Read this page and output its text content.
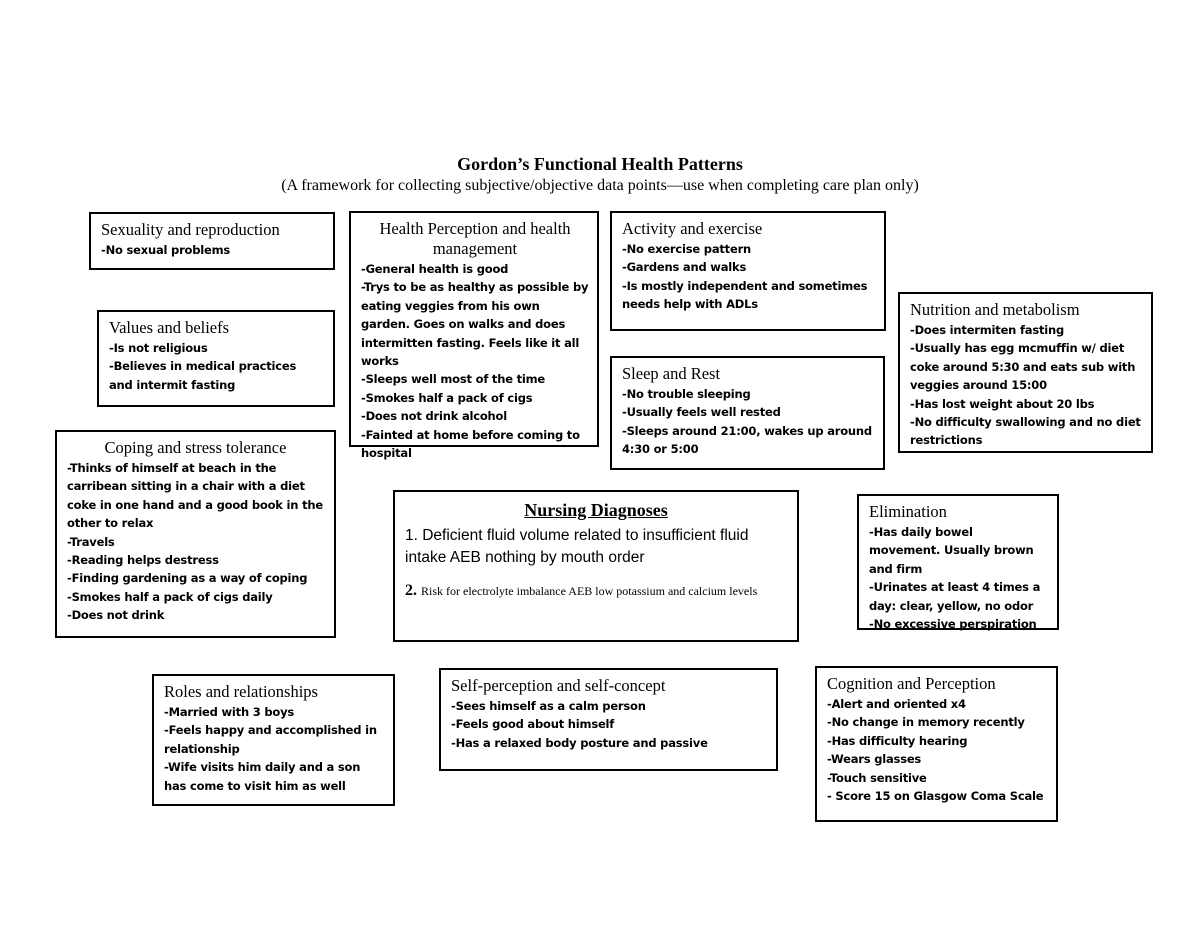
Gordon’s Functional Health Patterns
(A framework for collecting subjective/objective data points—use when completing care plan only)
Sexuality and reproduction
-No sexual problems
Health Perception and health management
-General health is good
-Trys to be as healthy as possible by eating veggies from his own garden. Goes on walks and does intermitten fasting. Feels like it all works
-Sleeps well most of the time
-Smokes half a pack of cigs
-Does not drink alcohol
-Fainted at home before coming to hospital
Activity and exercise
-No exercise pattern
-Gardens and walks
-Is mostly independent and sometimes needs help with ADLs
Values and beliefs
-Is not religious
-Believes in medical practices and intermit fasting
Nutrition and metabolism
-Does intermiten fasting
-Usually has egg mcmuffin w/ diet coke around 5:30 and eats sub with veggies around 15:00
-Has lost weight about 20 lbs
-No difficulty swallowing and no diet restrictions
Sleep and Rest
-No trouble sleeping
-Usually feels well rested
-Sleeps around 21:00, wakes up around 4:30 or 5:00
Coping and stress tolerance
-Thinks of himself at beach in the carribean sitting in a chair with a diet coke in one hand and a good book in the other to relax
-Travels
-Reading helps destress
-Finding gardening as a way of coping
-Smokes half a pack of cigs daily
-Does not drink
Nursing Diagnoses
1. Deficient fluid volume related to insufficient fluid intake AEB nothing by mouth order
2. Risk for electrolyte imbalance AEB low potassium and calcium levels
Elimination
-Has daily bowel movement. Usually brown and firm
-Urinates at least 4 times a day: clear, yellow, no odor
-No excessive perspiration
Roles and relationships
-Married with 3 boys
-Feels happy and accomplished in relationship
-Wife visits him daily and a son has come to visit him as well
Self-perception and self-concept
-Sees himself as a calm person
-Feels good about himself
-Has a relaxed body posture and passive
Cognition and Perception
-Alert and oriented x4
-No change in memory recently
-Has difficulty hearing
-Wears glasses
-Touch sensitive
- Score 15 on Glasgow Coma Scale
